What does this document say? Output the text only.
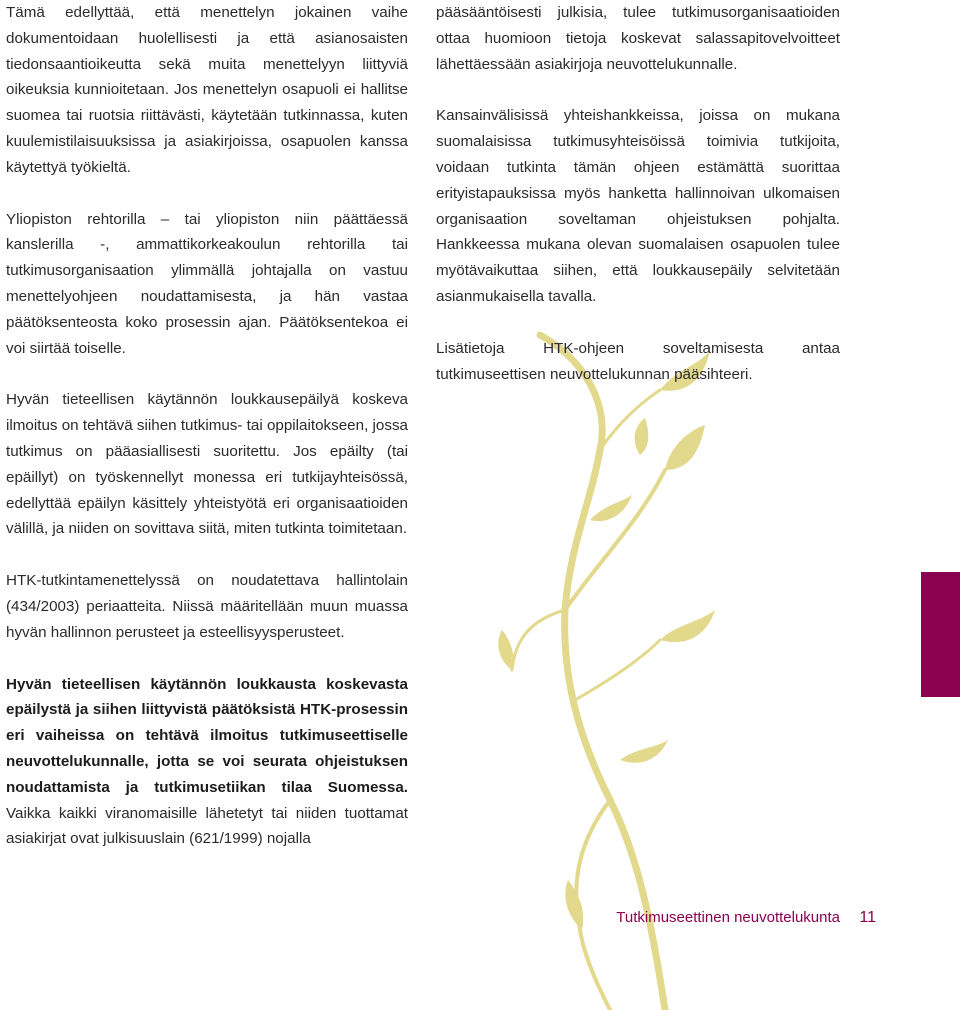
Tämä edellyttää, että menettelyn jokainen vaihe dokumentoidaan huolellisesti ja että asianosaisten tiedonsaantioikeutta sekä muita menettelyyn liittyviä oikeuksia kunnioitetaan. Jos menettelyn osapuoli ei hallitse suomea tai ruotsia riittävästi, käytetään tutkinnassa, kuten kuulemistilaisuuksissa ja asiakirjoissa, osapuolen kanssa käytettyä työkieltä.

Yliopiston rehtorilla – tai yliopiston niin päättäessä kanslerilla -, ammattikorkeakoulun rehtorilla tai tutkimusorganisaation ylimmällä johtajalla on vastuu menettelyohjeen noudattamisesta, ja hän vastaa päätöksenteosta koko prosessin ajan. Päätöksentekoa ei voi siirtää toiselle.

Hyvän tieteellisen käytännön loukkausepäilyä koskeva ilmoitus on tehtävä siihen tutkimus- tai oppilaitokseen, jossa tutkimus on pääasiallisesti suoritettu. Jos epäilty (tai epäillyt) on työskennellyt monessa eri tutkijayhteisössä, edellyttää epäilyn käsittely yhteistyötä eri organisaatioiden välillä, ja niiden on sovittava siitä, miten tutkinta toimitetaan.

HTK-tutkintamenettelyssä on noudatettava hallintolain (434/2003) periaatteita. Niissä määritellään muun muassa hyvän hallinnon perusteet ja esteellisyysperusteet.

Hyvän tieteellisen käytännön loukkausta koskevasta epäilystä ja siihen liittyvistä päätöksistä HTK-prosessin eri vaiheissa on tehtävä ilmoitus tutkimuseettiselle neuvottelukunnalle, jotta se voi seurata ohjeistuksen noudattamista ja tutkimusetiikan tilaa Suomessa. Vaikka kaikki viranomaisille lähetetyt tai niiden tuottamat asiakirjat ovat julkisuuslain (621/1999) nojalla

pääsääntöisesti julkisia, tulee tutkimusorganisaatioiden ottaa huomioon tietoja koskevat salassapitovelvoitteet lähettäessään asiakirjoja neuvottelukunnalle.

Kansainvälisissä yhteishankkeissa, joissa on mukana suomalaisissa tutkimusyhteisöissä toimivia tutkijoita, voidaan tutkinta tämän ohjeen estämättä suorittaa erityistapauksissa myös hanketta hallinnoivan ulkomaisen organisaation soveltaman ohjeistuksen pohjalta. Hankkeessa mukana olevan suomalaisen osapuolen tulee myötävaikuttaa siihen, että loukkausepäily selvitetään asianmukaisella tavalla.

Lisätietoja HTK-ohjeen soveltamisesta antaa tutkimuseettisen neuvottelukunnan pääsihteeri.

Tutkimuseettinen neuvottelukunta 11
